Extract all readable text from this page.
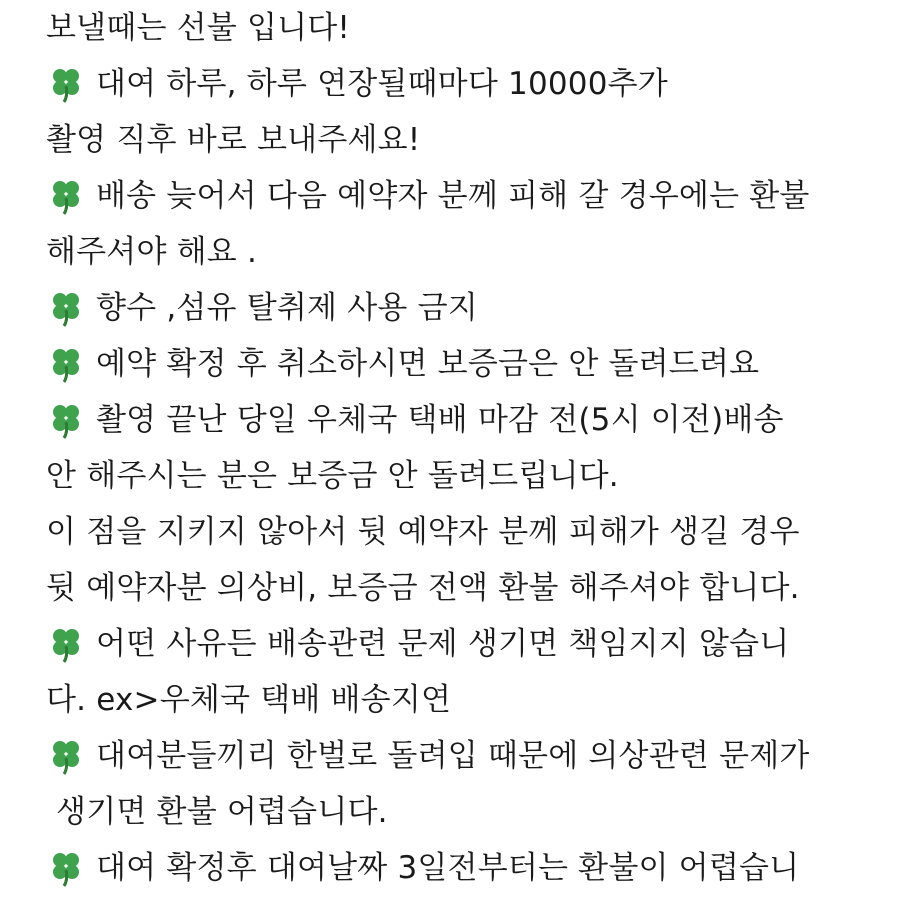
보낼때는 선불 입니다!
대여 하루, 하루 연장될때마다 10000추가
촬영 직후 바로 보내주세요!
배송 늦어서 다음 예약자 분께 피해 갈 경우에는 환불
해주셔야 해요 .
향수 ,섬유 탈취제 사용 금지
예약 확정 후 취소하시면 보증금은 안 돌려드려요
촬영 끝난 당일 우체국 택배 마감 전(5시 이전)배송
안 해주시는 분은 보증금 안 돌려드립니다.
이 점을 지키지 않아서 뒷 예약자 분께 피해가 생길 경우
뒷 예약자분 의상비, 보증금 전액 환불 해주셔야 합니다.
어떤 사유든 배송관련 문제 생기면 책임지지 않습니
다. ex>우체국 택배 배송지연
대여분들끼리 한벌로 돌려입 때문에 의상관련 문제가
생기면 환불 어렵습니다.
대여 확정후 대여날짜 3일전부터는 환불이 어렵습니
